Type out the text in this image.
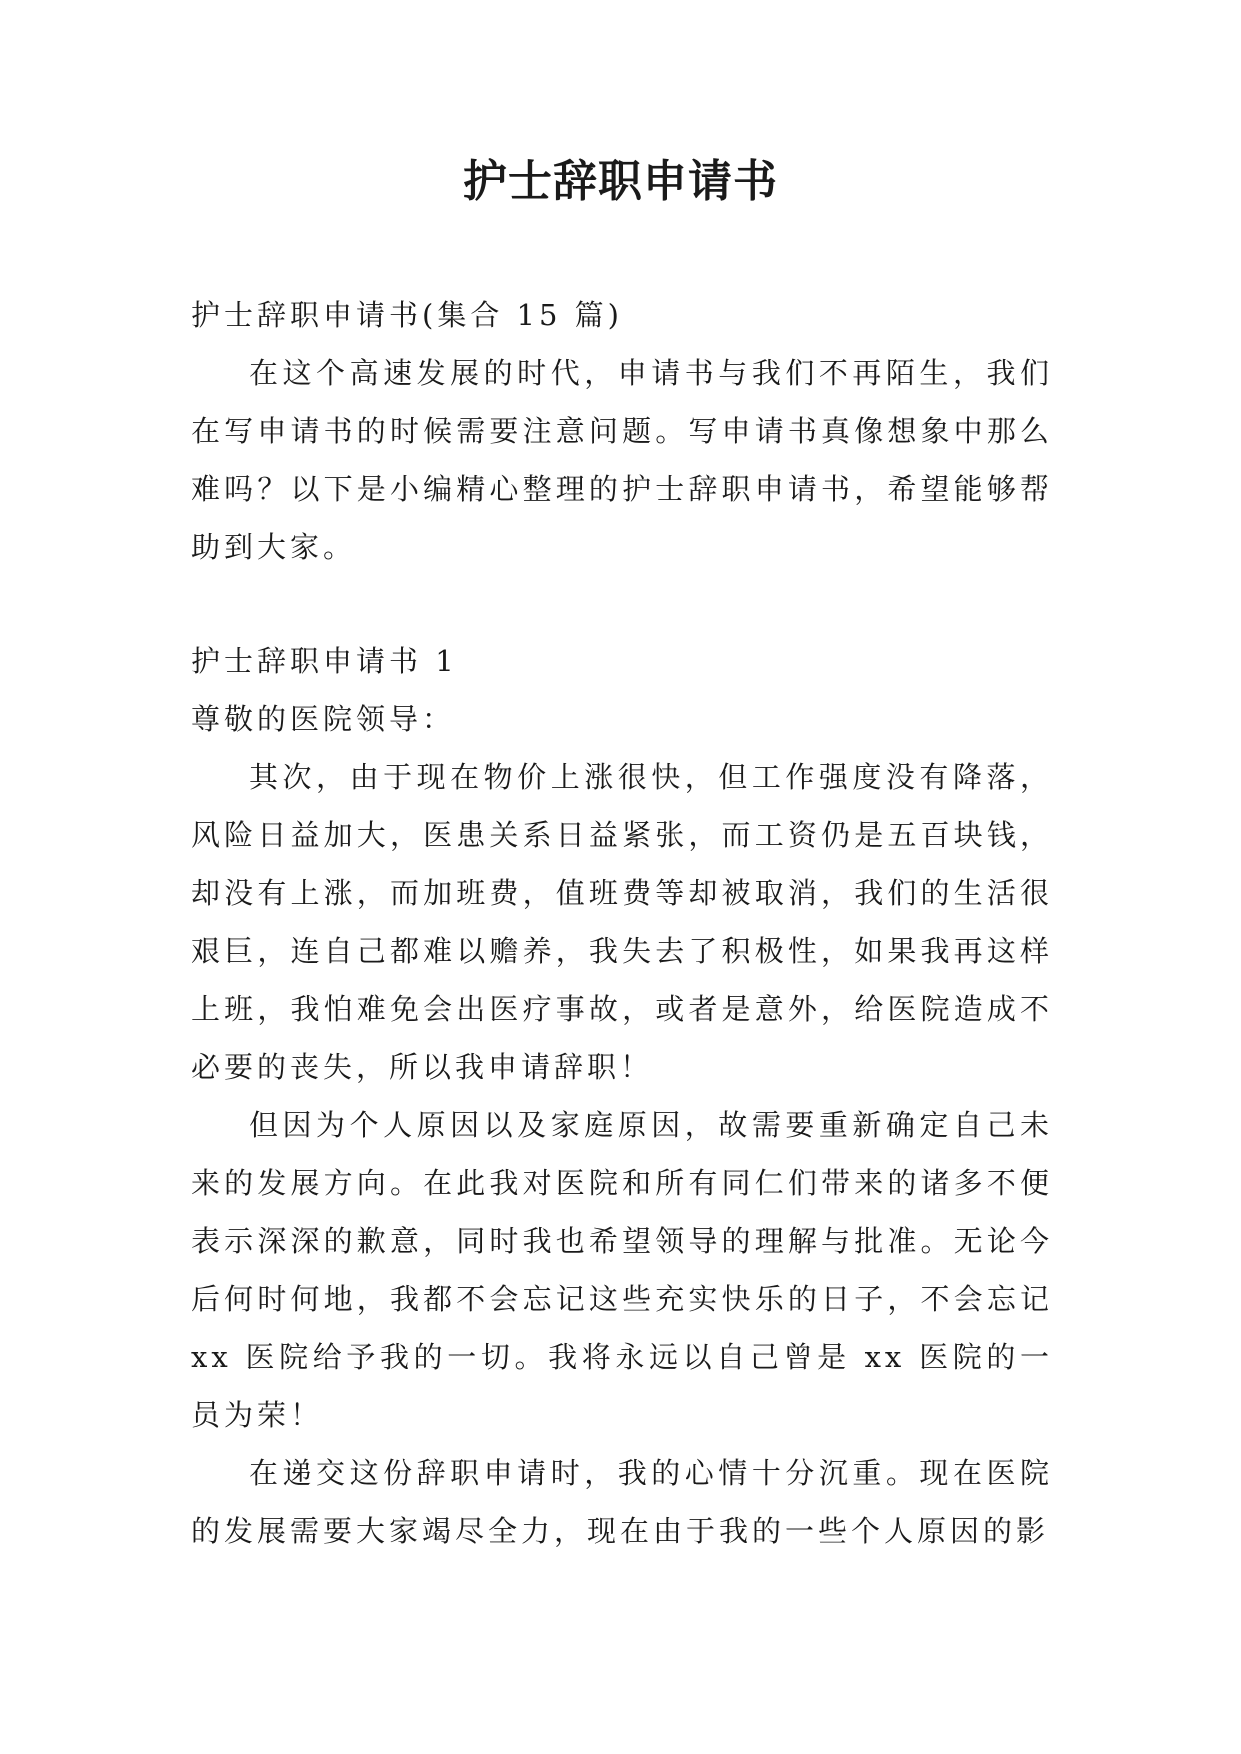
护士辞职申请书

护士辞职申请书(集合 15 篇)

在这个高速发展的时代，申请书与我们不再陌生，我们在写申请书的时候需要注意问题。写申请书真像想象中那么难吗？以下是小编精心整理的护士辞职申请书，希望能够帮助到大家。

护士辞职申请书 1

尊敬的医院领导：

其次，由于现在物价上涨很快，但工作强度没有降落，风险日益加大，医患关系日益紧张，而工资仍是五百块钱，却没有上涨，而加班费，值班费等却被取消，我们的生活很艰巨，连自己都难以赡养，我失去了积极性，如果我再这样上班，我怕难免会出医疗事故，或者是意外，给医院造成不必要的丧失，所以我申请辞职！

但因为个人原因以及家庭原因，故需要重新确定自己未来的发展方向。在此我对医院和所有同仁们带来的诸多不便表示深深的歉意，同时我也希望领导的理解与批准。无论今后何时何地，我都不会忘记这些充实快乐的日子，不会忘记 xx 医院给予我的一切。我将永远以自己曾是 xx 医院的一员为荣！

在递交这份辞职申请时，我的心情十分沉重。现在医院的发展需要大家竭尽全力，现在由于我的一些个人原因的影
